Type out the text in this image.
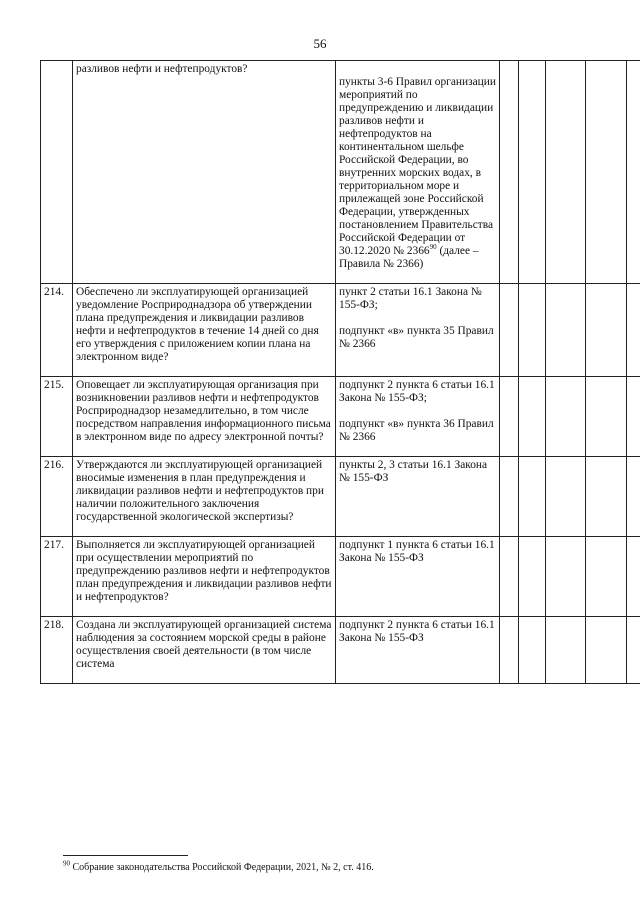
56
	разливов нефти и нефтепродуктов?	пункты 3-6 Правил организации мероприятий по предупреждению и ликвидации разливов нефти и нефтепродуктов на континентальном шельфе Российской Федерации, во внутренних морских водах, в территориальном море и прилежащей зоне Российской Федерации, утвержденных постановлением Правительства Российской Федерации от 30.12.2020 № 2366$^{90}$ (далее – Правила № 2366)					
214.	Обеспечено ли эксплуатирующей организацией уведомление Росприроднадзора об утверждении плана предупреждения и ликвидации разливов нефти и нефтепродуктов в течение 14 дней со дня его утверждения с приложением копии плана на электронном виде?	пункт 2 статьи 16.1 Закона № 155-ФЗ;
подпункт «в» пункта 35 Правил № 2366					

215.	Оповещает ли эксплуатирующая организация при возникновении разливов нефти и нефтепродуктов Росприроднадзор незамедлительно, в том числе посредством направления информационного письма в электронном виде по адресу электронной почты?	подпункт 2 пункта 6 статьи 16.1 Закона № 155-ФЗ;
подпункт «в» пункта 36 Правил № 2366					

216.	Утверждаются ли эксплуатирующей организацией вносимые изменения в план предупреждения и ликвидации разливов нефти и нефтепродуктов при наличии положительного заключения государственной экологической экспертизы?	пункты 2, 3 статьи 16.1 Закона № 155-ФЗ					

217.	Выполняется ли эксплуатирующей организацией при осуществлении мероприятий по предупреждению разливов нефти и нефтепродуктов план предупреждения и ликвидации разливов нефти и нефтепродуктов?	подпункт 1 пункта 6 статьи 16.1 Закона № 155-ФЗ					

218.	Создана ли эксплуатирующей организацией система наблюдения за состоянием морской среды в районе осуществления своей деятельности (в том числе система	подпункт 2 пункта 6 статьи 16.1 Закона № 155-ФЗ					

$^{90}$ Собрание законодательства Российской Федерации, 2021, № 2, ст. 416.
